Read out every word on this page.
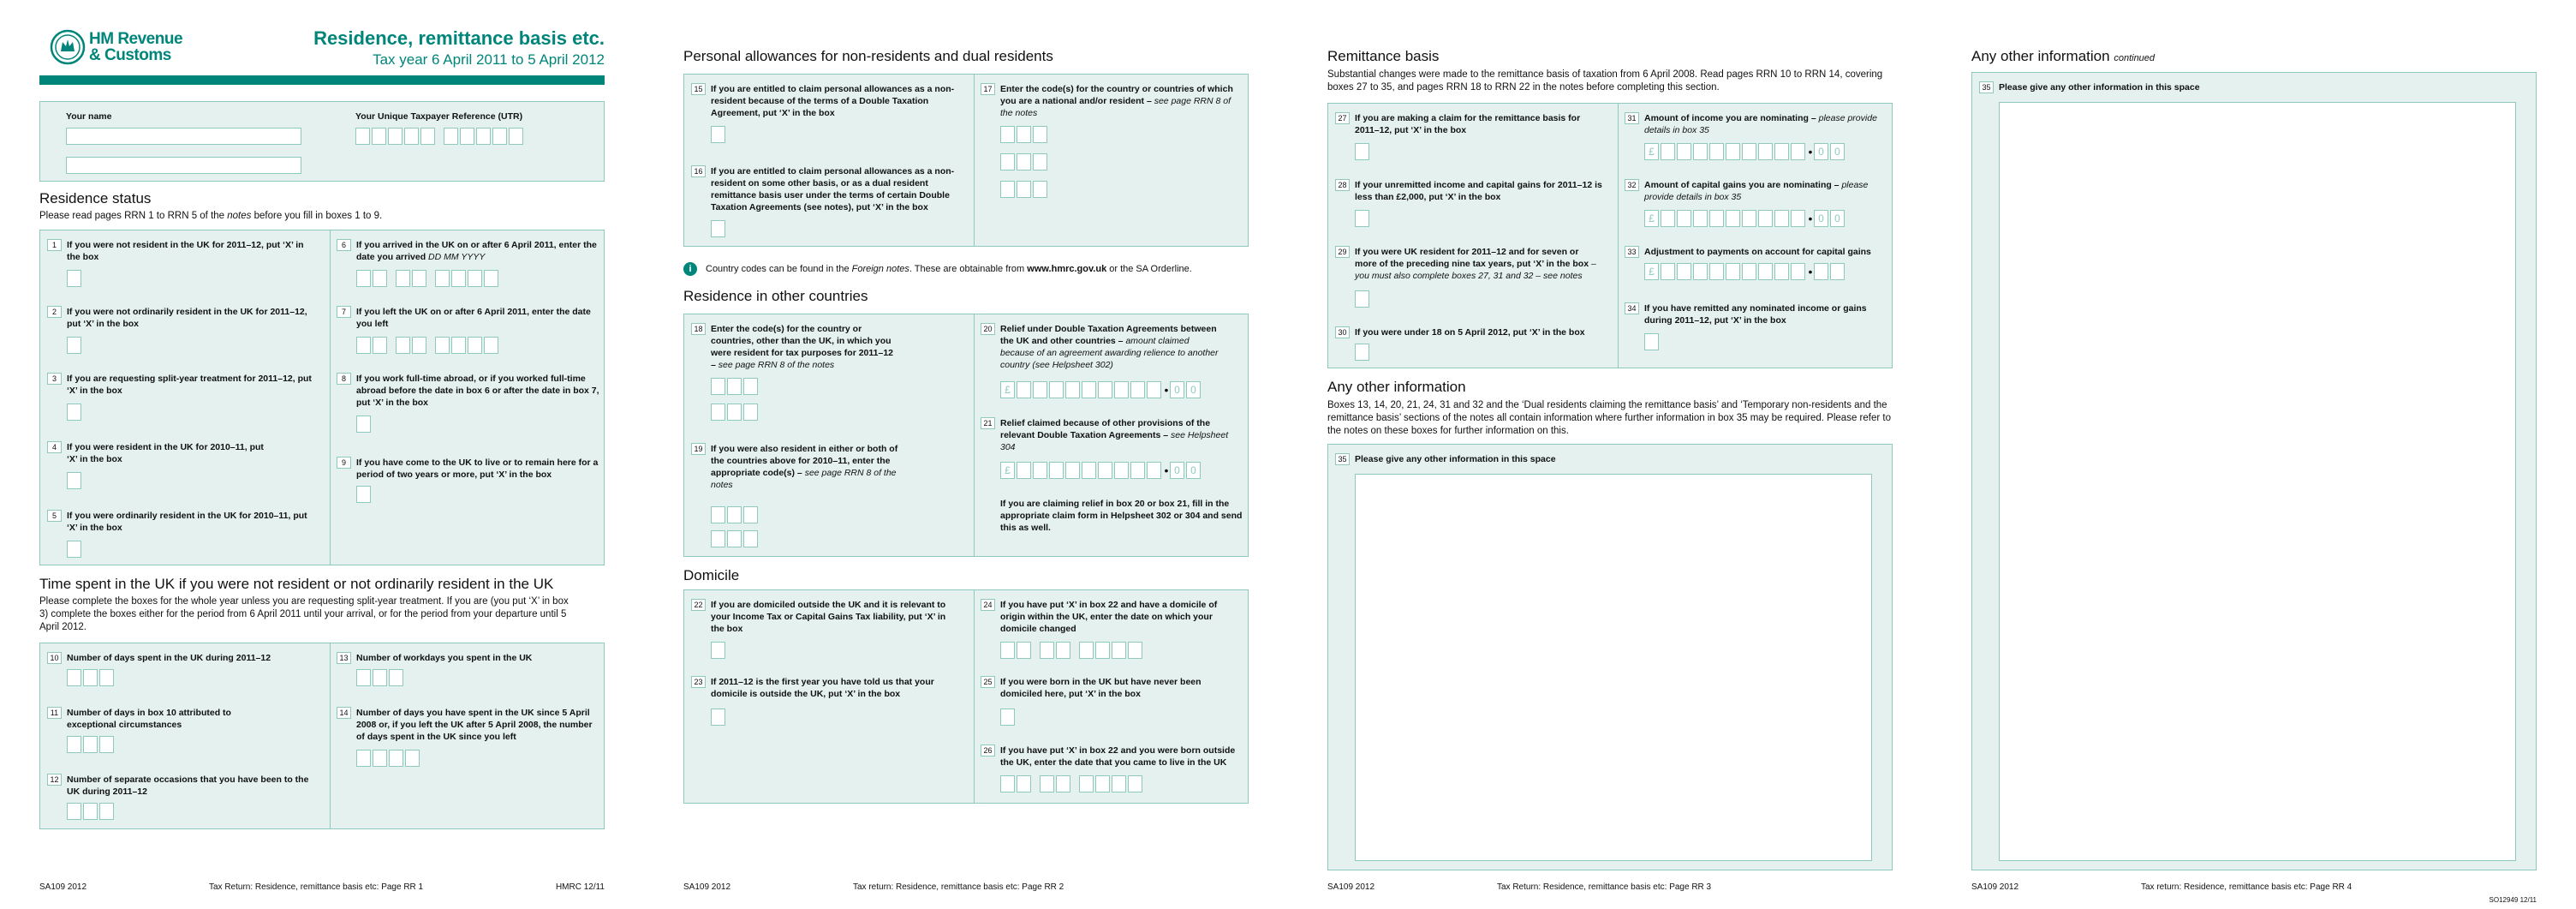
HM Revenue
& Customs
Residence, remittance basis etc.
Tax year 6 April 2011 to 5 April 2012
Your name	Your Unique Taxpayer Reference (UTR)
Residence status
Please read pages RRN 1 to RRN 5 of the notes before you fill in boxes 1 to 9.
1 If you were not resident in the UK for 2011–12, put ‘X’ in the box
2 If you were not ordinarily resident in the UK for 2011–12, put ‘X’ in the box
3 If you are requesting split-year treatment for 2011–12, put ‘X’ in the box
4 If you were resident in the UK for 2010–11, put ‘X’ in the box
5 If you were ordinarily resident in the UK for 2010–11, put ‘X’ in the box
6 If you arrived in the UK on or after 6 April 2011, enter the date you arrived DD MM YYYY
7 If you left the UK on or after 6 April 2011, enter the date you left
8 If you work full-time abroad, or if you worked full-time abroad before the date in box 6 or after the date in box 7, put ‘X’ in the box
9 If you have come to the UK to live or to remain here for a period of two years or more, put ‘X’ in the box
Time spent in the UK if you were not resident or not ordinarily resident in the UK
Please complete the boxes for the whole year unless you are requesting split-year treatment. If you are (you put ‘X’ in box 3) complete the boxes either for the period from 6 April 2011 until your arrival, or for the period from your departure until 5 April 2012.
10 Number of days spent in the UK during 2011–12
11 Number of days in box 10 attributed to exceptional circumstances
12 Number of separate occasions that you have been to the UK during 2011–12
13 Number of workdays you spent in the UK
14 Number of days you have spent in the UK since 5 April 2008 or, if you left the UK after 5 April 2008, the number of days spent in the UK since you left
SA109 2012	Tax Return: Residence, remittance basis etc: Page RR 1	HMRC 12/11
Personal allowances for non-residents and dual residents
15 If you are entitled to claim personal allowances as a non-resident because of the terms of a Double Taxation Agreement, put ‘X’ in the box
16 If you are entitled to claim personal allowances as a non-resident on some other basis, or as a dual resident remittance basis user under the terms of certain Double Taxation Agreements (see notes), put ‘X’ in the box
17 Enter the code(s) for the country or countries of which you are a national and/or resident – see page RRN 8 of the notes
i Country codes can be found in the Foreign notes. These are obtainable from www.hmrc.gov.uk or the SA Orderline.
Residence in other countries
18 Enter the code(s) for the country or countries, other than the UK, in which you were resident for tax purposes for 2011–12 – see page RRN 8 of the notes
19 If you were also resident in either or both of the countries above for 2010–11, enter the appropriate code(s) – see page RRN 8 of the notes
20 Relief under Double Taxation Agreements between the UK and other countries – amount claimed because of an agreement awarding relience to another country (see Helpsheet 302)
£	• 0	0
21 Relief claimed because of other provisions of the relevant Double Taxation Agreements – see Helpsheet 304
£	• 0	0
If you are claiming relief in box 20 or box 21, fill in the appropriate claim form in Helpsheet 302 or 304 and send this as well.
Domicile
22 If you are domiciled outside the UK and it is relevant to your Income Tax or Capital Gains Tax liability, put ‘X’ in the box
23 If 2011–12 is the first year you have told us that your domicile is outside the UK, put ‘X’ in the box
24 If you have put ‘X’ in box 22 and have a domicile of origin within the UK, enter the date on which your domicile changed
25 If you were born in the UK but have never been domiciled here, put ‘X’ in the box
26 If you have put ‘X’ in box 22 and you were born outside the UK, enter the date that you came to live in the UK
SA109 2012	Tax return: Residence, remittance basis etc: Page RR 2
Remittance basis
Substantial changes were made to the remittance basis of taxation from 6 April 2008. Read pages RRN 10 to RRN 14, covering boxes 27 to 35, and pages RRN 18 to RRN 22 in the notes before completing this section.
27 If you are making a claim for the remittance basis for 2011–12, put ‘X’ in the box
28 If your unremitted income and capital gains for 2011–12 is less than £2,000, put ‘X’ in the box
29 If you were UK resident for 2011–12 and for seven or more of the preceding nine tax years, put ‘X’ in the box – you must also complete boxes 27, 31 and 32 – see notes
30 If you were under 18 on 5 April 2012, put ‘X’ in the box
31 Amount of income you are nominating – please provide details in box 35
£	• 0	0
32 Amount of capital gains you are nominating – please provide details in box 35
£	• 0	0
33 Adjustment to payments on account for capital gains
£	•
34 If you have remitted any nominated income or gains during 2011–12, put ‘X’ in the box
Any other information
Boxes 13, 14, 20, 21, 24, 31 and 32 and the ‘Dual residents claiming the remittance basis’ and ‘Temporary non-residents and the remittance basis’ sections of the notes all contain information where further information in box 35 may be required. Please refer to the notes on these boxes for further information on this.
35 Please give any other information in this space
SA109 2012	Tax Return: Residence, remittance basis etc: Page RR 3
Any other information continued
35 Please give any other information in this space
SA109 2012	Tax return: Residence, remittance basis etc: Page RR 4
SO12949 12/11
